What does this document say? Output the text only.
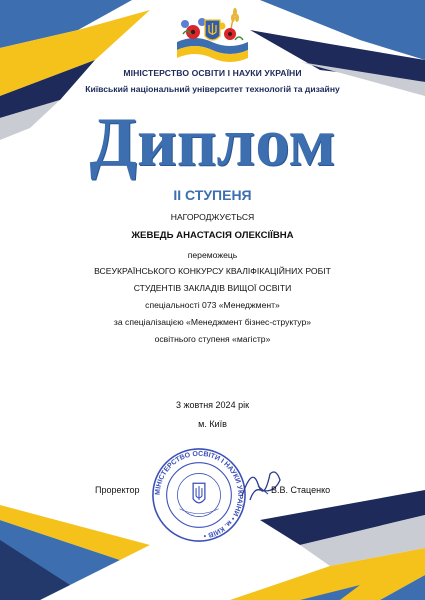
МІНІСТЕРСТВО ОСВІТИ І НАУКИ УКРАЇНИ
Київський національний університет технологій та дизайну
Диплом
ІІ СТУПЕНЯ
НАГОРОДЖУЄТЬСЯ
ЖЕВЕДЬ АНАСТАСІЯ ОЛЕКСІЇВНА
переможець
ВСЕУКРАЇНСЬКОГО КОНКУРСУ КВАЛІФІКАЦІЙНИХ РОБІТ
СТУДЕНТІВ ЗАКЛАДІВ ВИЩОЇ ОСВІТИ
спеціальності 073 «Менеджмент»
за спеціалізацією «Менеджмент бізнес-структур»
освітнього ступеня «магістр»
3 жовтня 2024 рік
м. Київ
МІНІСТЕРСТВО ОСВІТИ І НАУКИ УКРАЇНИ • м. КИЇВ •
Проректор	В.В. Стаценко
